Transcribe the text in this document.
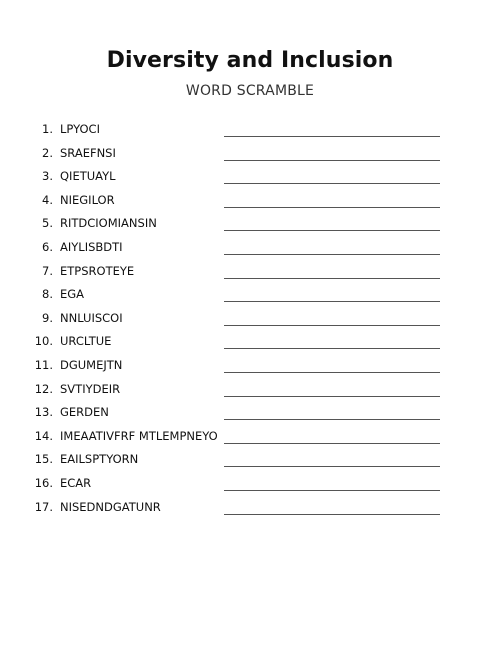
Diversity and Inclusion
WORD SCRAMBLE
1. LPYOCI
2. SRAEFNSI
3. QIETUAYL
4. NIEGILOR
5. RITDCIOMIANSIN
6. AIYLISBDTI
7. ETPSROTEYE
8. EGA
9. NNLUISCOI
10. URCLTUE
11. DGUMEJTN
12. SVTIYDEIR
13. GERDEN
14. IMEAATIVFRF MTLEMPNEYO
15. EAILSPTYORN
16. ECAR
17. NISEDNDGATUNR
